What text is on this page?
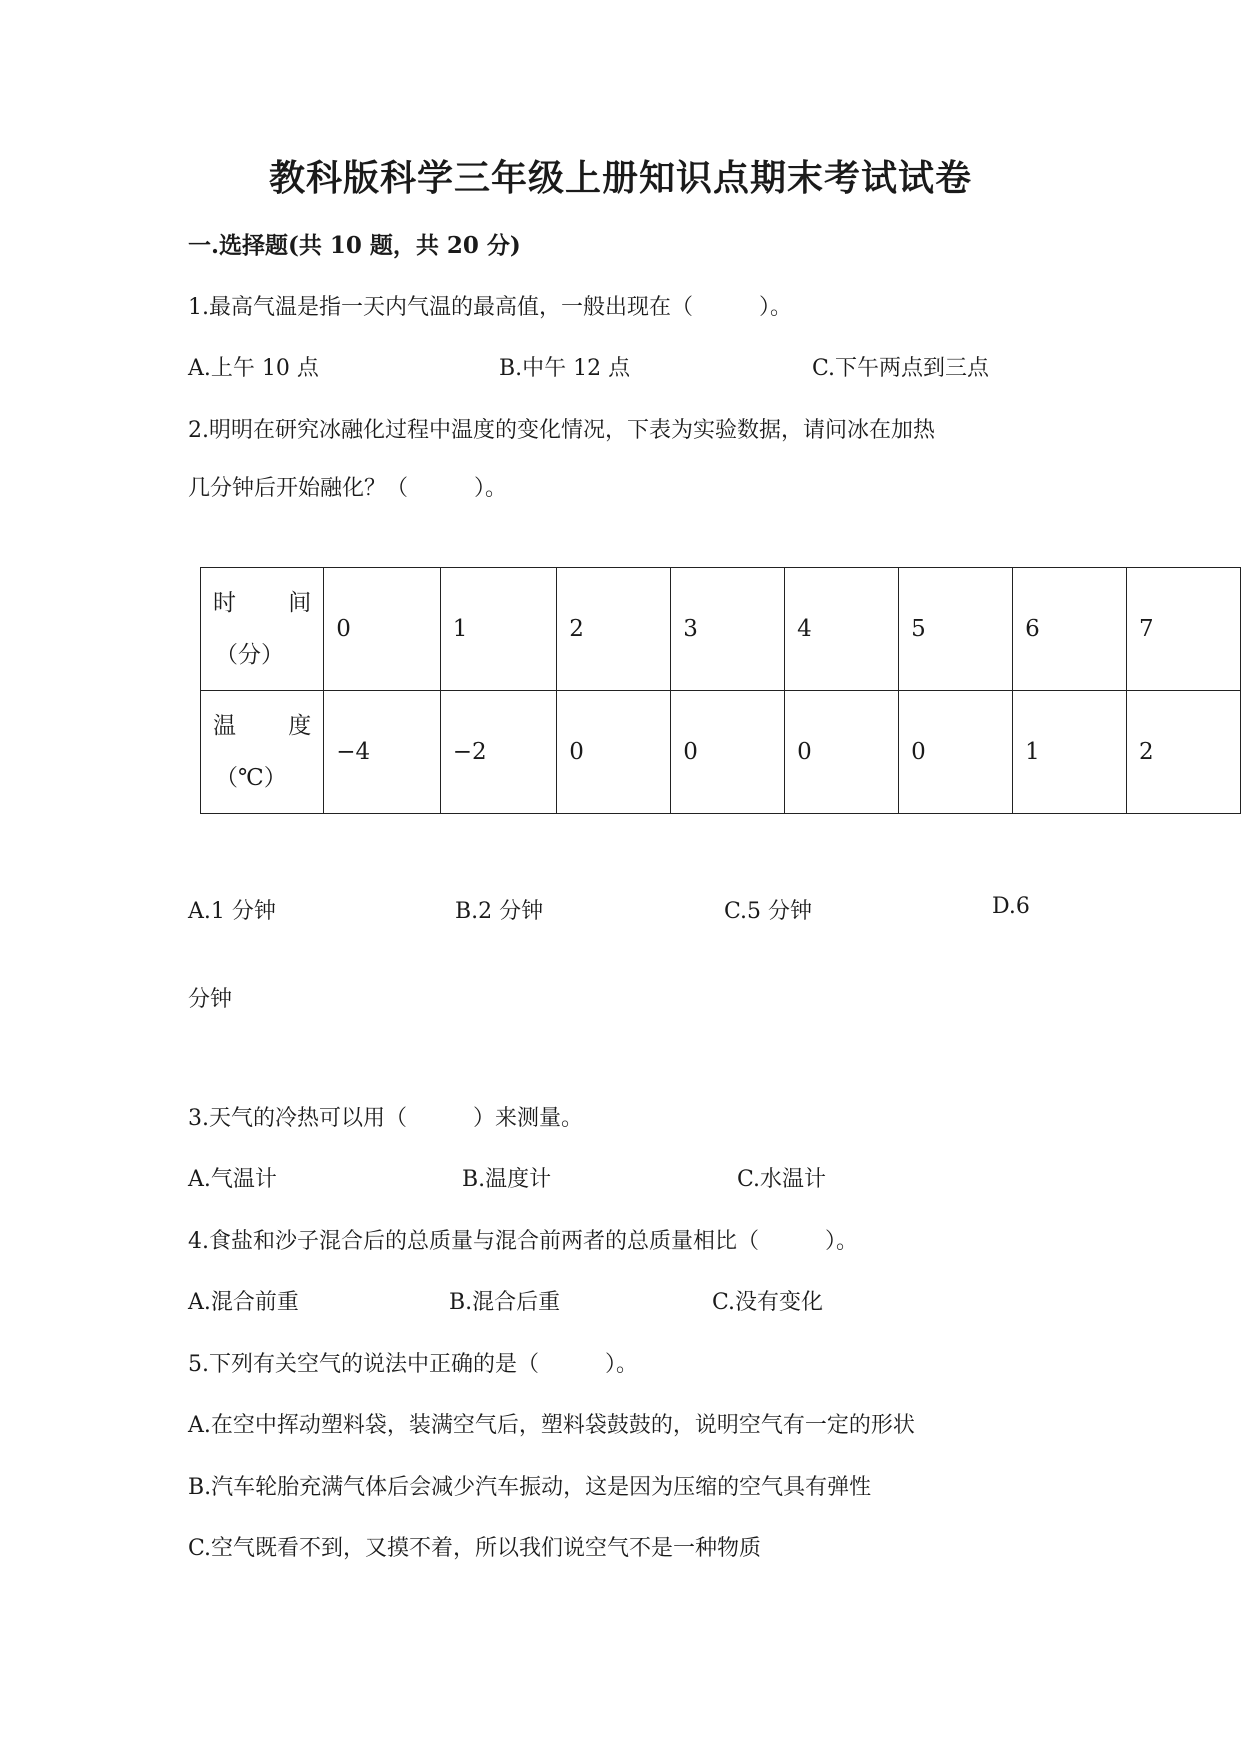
教科版科学三年级上册知识点期末考试试卷
一.选择题(共 10 题，共 20 分)
1.最高气温是指一天内气温的最高值，一般出现在（　　　）。
A.上午 10 点	B.中午 12 点	C.下午两点到三点
2.明明在研究冰融化过程中温度的变化情况，下表为实验数据，请问冰在加热
几分钟后开始融化？（　　　）。
时 间
（分）	0	1	2	3	4	5	6	7

温 度
（℃）	−4	−2	0	0	0	0	1	2
A.1 分钟	B.2 分钟	C.5 分钟	D.6
分钟
3.天气的冷热可以用（　　　）来测量。
A.气温计	B.温度计	C.水温计
4.食盐和沙子混合后的总质量与混合前两者的总质量相比（　　　）。
A.混合前重	B.混合后重	C.没有变化
5.下列有关空气的说法中正确的是（　　　）。
A.在空中挥动塑料袋，装满空气后，塑料袋鼓鼓的，说明空气有一定的形状
B.汽车轮胎充满气体后会减少汽车振动，这是因为压缩的空气具有弹性
C.空气既看不到，又摸不着，所以我们说空气不是一种物质
